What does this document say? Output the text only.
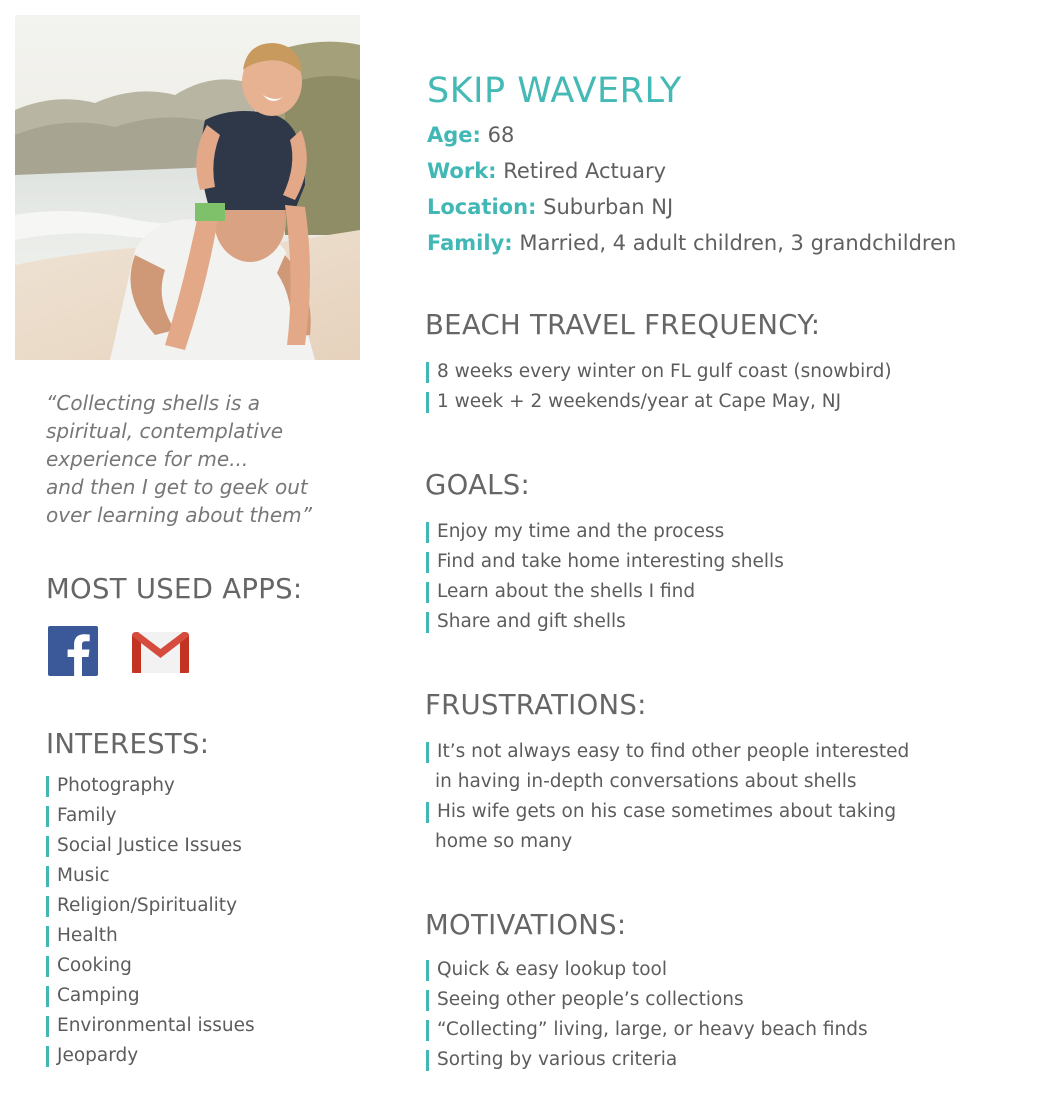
“Collecting shells is a
spiritual, contemplative
experience for me...
and then I get to geek out
over learning about them”
MOST USED APPS:
INTERESTS:
Photography
Family
Social Justice Issues
Music
Religion/Spirituality
Health
Cooking
Camping
Environmental issues
Jeopardy
SKIP WAVERLY
Age: 68
Work: Retired Actuary
Location: Suburban NJ
Family: Married, 4 adult children, 3 grandchildren
BEACH TRAVEL FREQUENCY:
8 weeks every winter on FL gulf coast (snowbird)
1 week + 2 weekends/year at Cape May, NJ
GOALS:
Enjoy my time and the process
Find and take home interesting shells
Learn about the shells I find
Share and gift shells
FRUSTRATIONS:
It’s not always easy to find other people interested
in having in-depth conversations about shells
His wife gets on his case sometimes about taking
home so many
MOTIVATIONS:
Quick & easy lookup tool
Seeing other people’s collections
“Collecting” living, large, or heavy beach finds
Sorting by various criteria
